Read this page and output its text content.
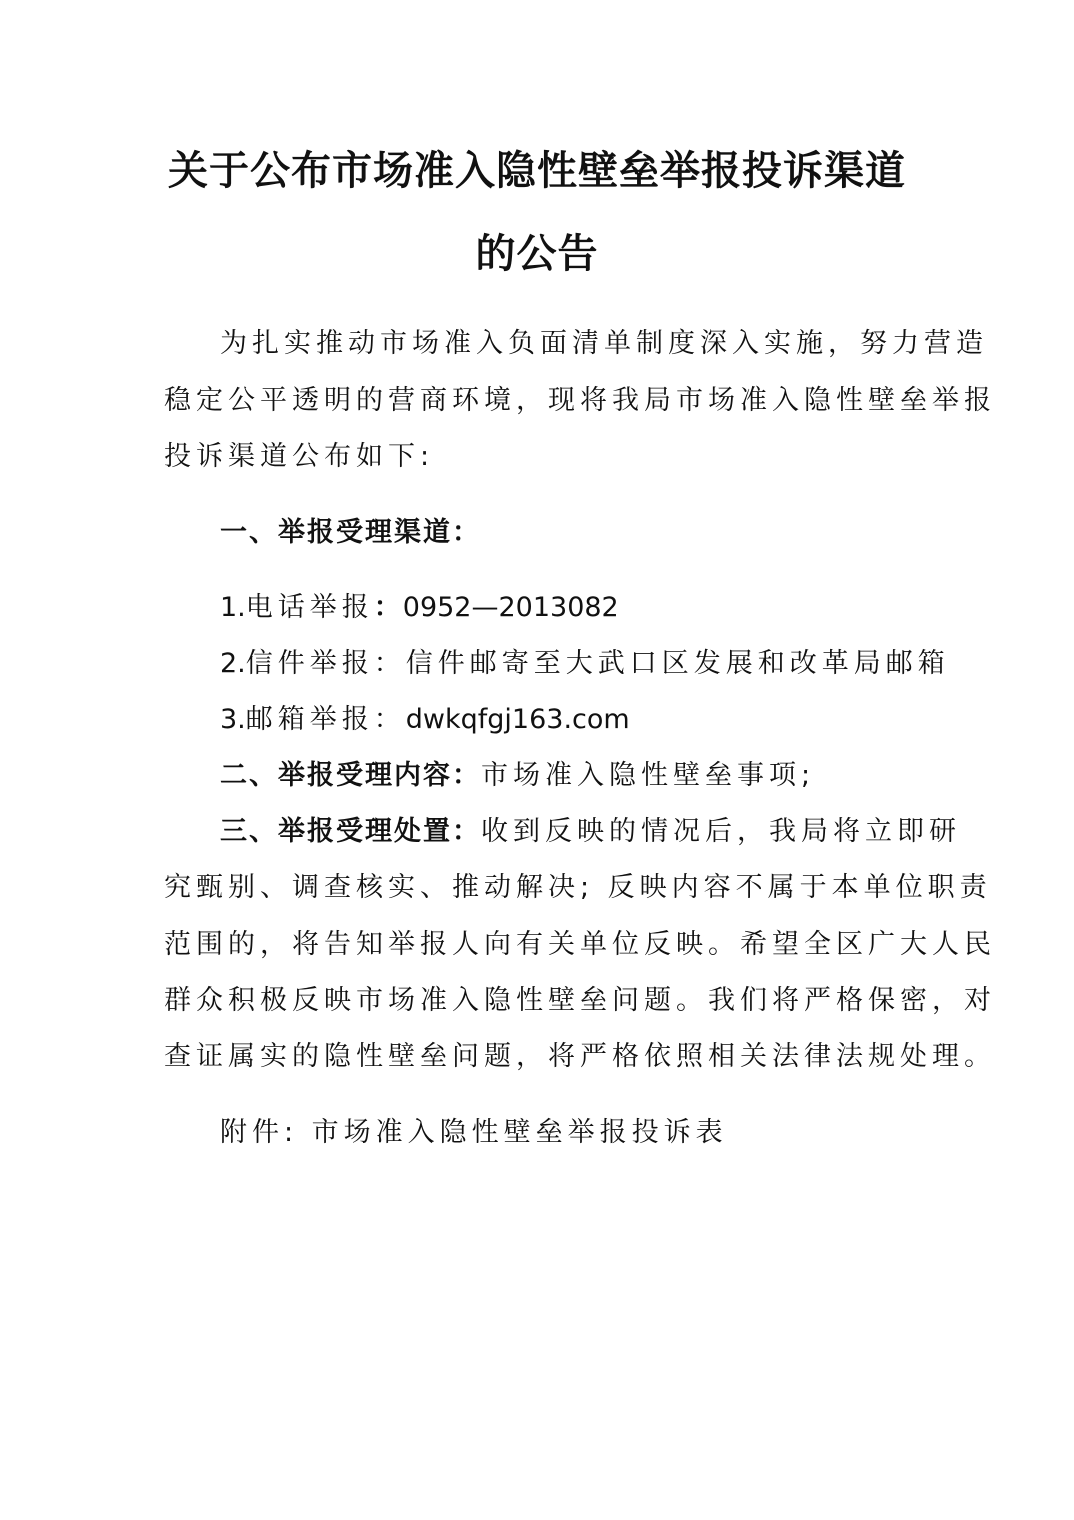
关于公布市场准入隐性壁垒举报投诉渠道
的公告
为扎实推动市场准入负面清单制度深入实施，努力营造
稳定公平透明的营商环境，现将我局市场准入隐性壁垒举报
投诉渠道公布如下:
一、举报受理渠道：
1.电话举报：0952—2013082
2.信件举报：信件邮寄至大武口区发展和改革局邮箱
3.邮箱举报：dwkqfgj163.com
二、举报受理内容：市场准入隐性壁垒事项;
三、举报受理处置：收到反映的情况后，我局将立即研
究甄别、调查核实、推动解决; 反映内容不属于本单位职责
范围的，将告知举报人向有关单位反映。希望全区广大人民
群众积极反映市场准入隐性壁垒问题。我们将严格保密，对
查证属实的隐性壁垒问题，将严格依照相关法律法规处理。
附件: 市场准入隐性壁垒举报投诉表
